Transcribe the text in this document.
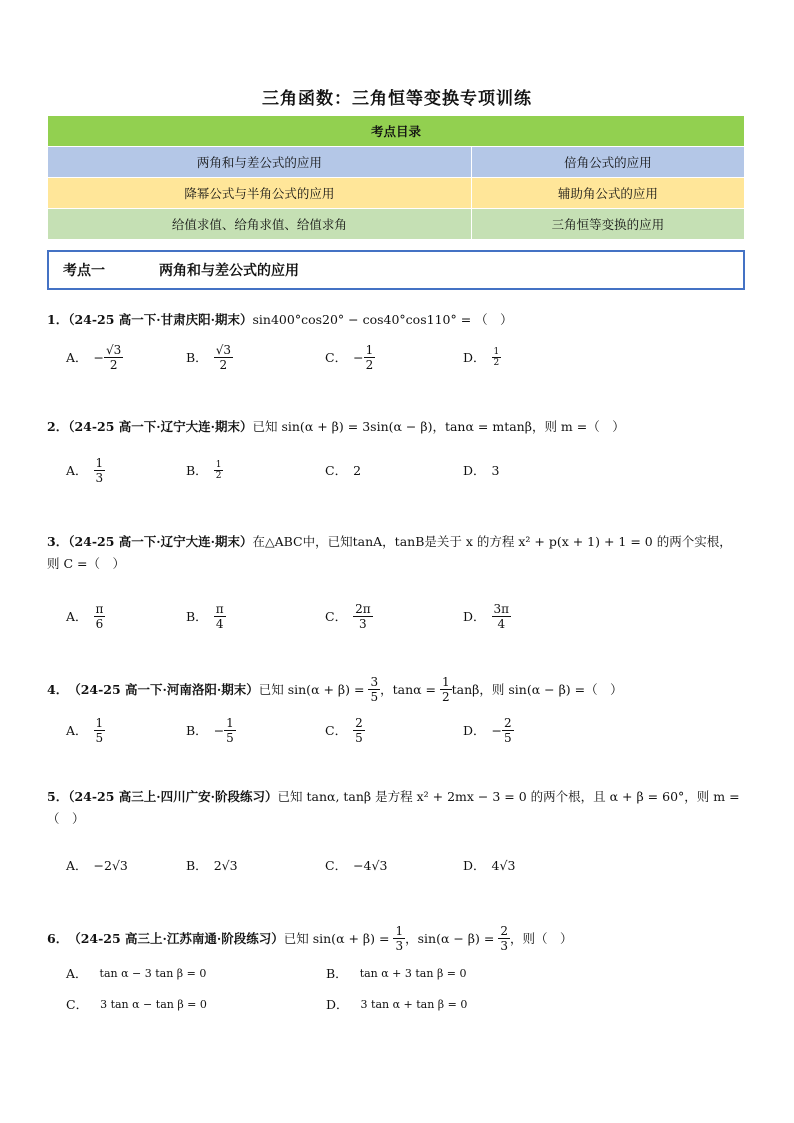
三角函数：三角恒等变换专项训练
考点目录	
两角和与差公式的应用	倍角公式的应用
降幂公式与半角公式的应用	辅助角公式的应用
给值求值、给角求值、给值求角	三角恒等变换的应用
考点一	两角和与差公式的应用
1．（24-25 高一下·甘肃庆阳·期末）sin400°cos20° − cos40°cos110° = （　）
A． − $\frac{√3}{2}$	B． $\frac{√3}{2}$	C． − $\frac{1}{2}$	D． $\frac{1}{2}$
2．（24-25 高一下·辽宁大连·期末）已知 sin(α + β) = 3sin(α − β)，tanα = mtanβ，则 m =（　）
A． $\frac{1}{3}$	B． $\frac{1}{2}$	C． 2	D． 3
3．（24-25 高一下·辽宁大连·期末）在△ABC中，已知tanA，tanB是关于 x 的方程 x² + p(x + 1) + 1 = 0 的两个实根，
则 C =（　）
A． $\frac{\pi}{6}$	B． $\frac{\pi}{4}$	C． $\frac{2\pi}{3}$	D． $\frac{3\pi}{4}$
4． （24-25 高一下·河南洛阳·期末） 已知 sin(α + β) =
$\frac{3}{5}$ ，tanα =
$\frac{1}{2}$ tanβ，则 sin(α − β) =（　）
A． $\frac{1}{5}$	B． − $\frac{1}{5}$	C． $\frac{2}{5}$	D． − $\frac{2}{5}$
5．（24-25 高三上·四川广安·阶段练习）已知 tanα, tanβ 是方程 x² + 2mx − 3 = 0 的两个根，且 α + β = 60°，则 m =
（　）
A． −2√3	B． 2√3	C． −4√3	D． 4√3
6． （24-25 高三上·江苏南通·阶段练习） 已知 sin(α + β) =
$\frac{1}{3}$ ，sin(α − β) =
$\frac{2}{3}$ ，则（　）
A． tan α − 3 tan β = 0	B． tan α + 3 tan β = 0
C． 3 tan α − tan β = 0	D． 3 tan α + tan β = 0
